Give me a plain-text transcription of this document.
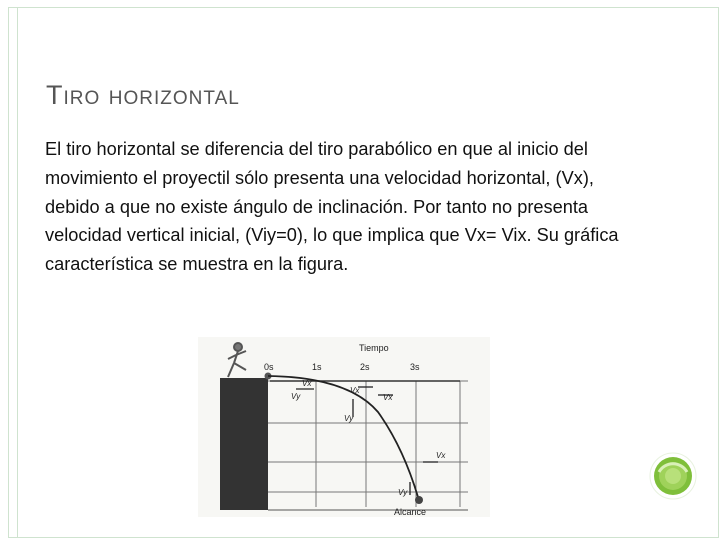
Tiro horizontal
El tiro horizontal se diferencia del tiro parabólico en que al inicio del movimiento el proyectil sólo presenta una velocidad horizontal, (Vx), debido a que no existe ángulo de inclinación. Por tanto no presenta velocidad vertical inicial, (Viy=0), lo que implica que Vx= Vix. Su gráfica característica se muestra en la figura.
Tiempo
0s	1s	2s	3s
Vy
Vx
Vx
Vy
Vx
Vx
Vy
Alcance
